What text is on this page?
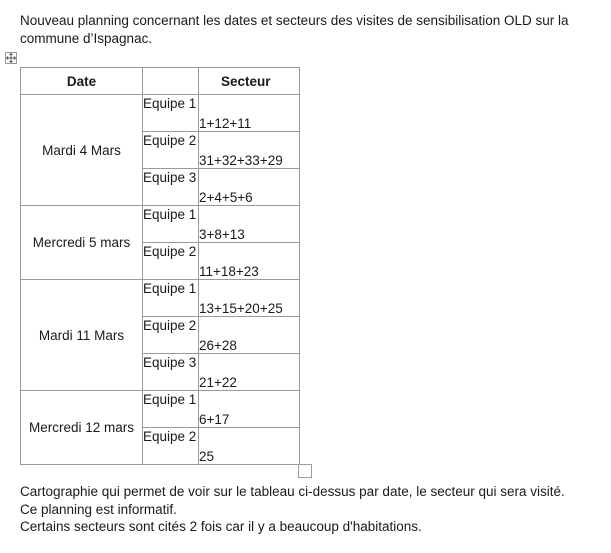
Nouveau planning concernant les dates et secteurs des visites de sensibilisation OLD sur la commune d’Ispagnac.

Date		Secteur
Mardi 4 Mars	Equipe 1	1+12+11
	Equipe 2	31+32+33+29
	Equipe 3	2+4+5+6
Mercredi 5 mars	Equipe 1	3+8+13
	Equipe 2	11+18+23
Mardi 11 Mars	Equipe 1	13+15+20+25
	Equipe 2	26+28
	Equipe 3	21+22
Mercredi 12 mars	Equipe 1	6+17
	Equipe 2	25

Cartographie qui permet de voir sur le tableau ci-dessus par date, le secteur qui sera visité.

Ce planning est informatif.

Certains secteurs sont cités 2 fois car il y a beaucoup d'habitations.
